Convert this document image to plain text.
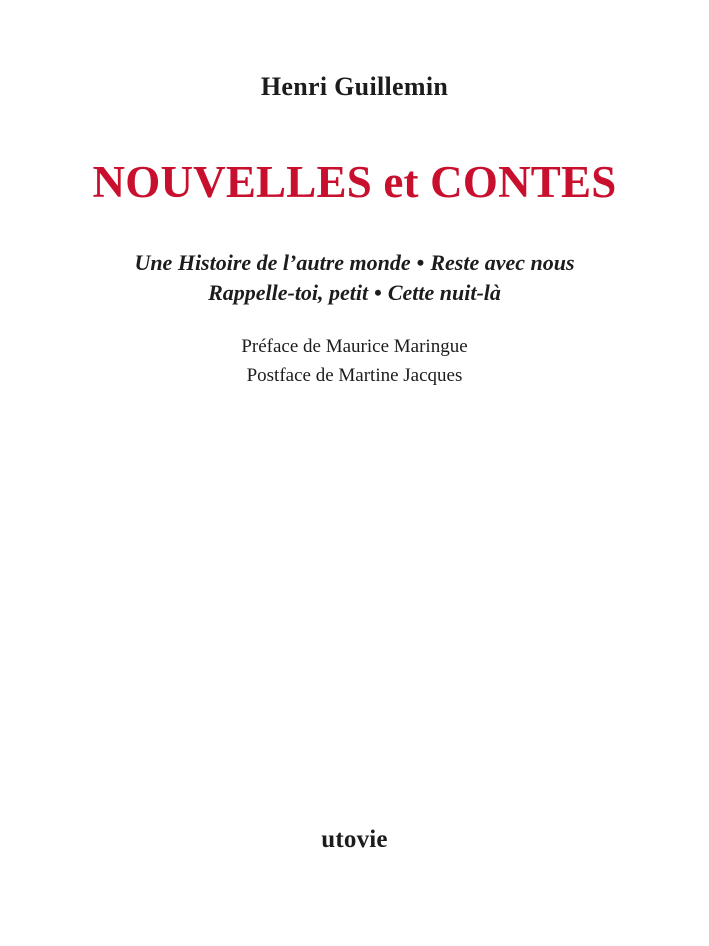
Henri Guillemin
NOUVELLES et CONTES
Une Histoire de l’autre monde • Reste avec nous
Rappelle-toi, petit • Cette nuit-là
Préface de Maurice Maringue
Postface de Martine Jacques
utovie
